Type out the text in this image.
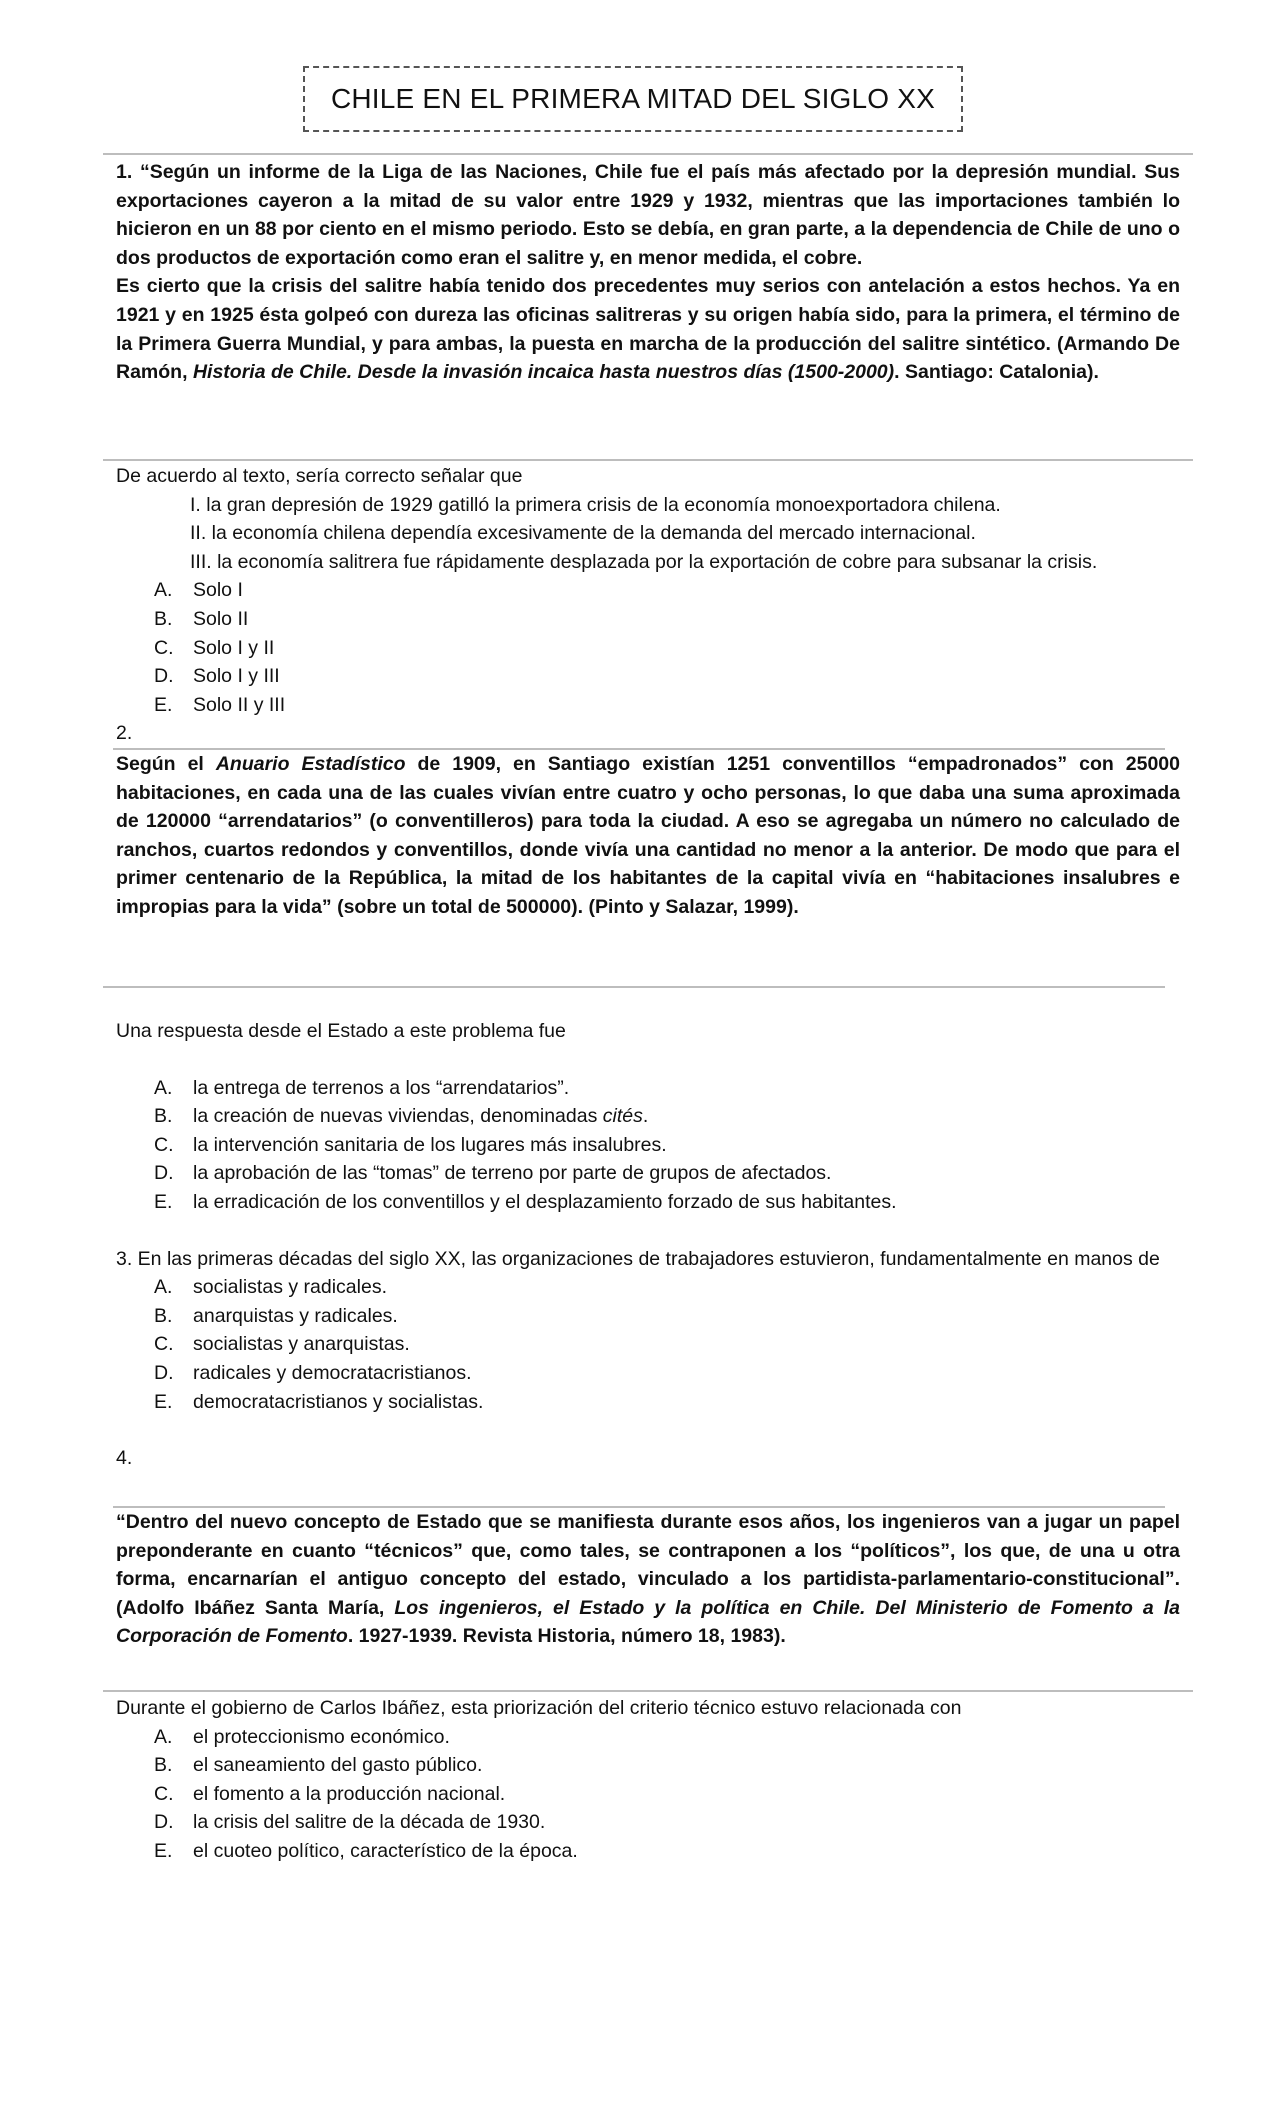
CHILE EN EL PRIMERA MITAD DEL SIGLO XX

1. “Según un informe de la Liga de las Naciones, Chile fue el país más afectado por la depresión mundial. Sus exportaciones cayeron a la mitad de su valor entre 1929 y 1932, mientras que las importaciones también lo hicieron en un 88 por ciento en el mismo periodo. Esto se debía, en gran parte, a la dependencia de Chile de uno o dos productos de exportación como eran el salitre y, en menor medida, el cobre.

Es cierto que la crisis del salitre había tenido dos precedentes muy serios con antelación a estos hechos. Ya en 1921 y en 1925 ésta golpeó con dureza las oficinas salitreras y su origen había sido, para la primera, el término de la Primera Guerra Mundial, y para ambas, la puesta en marcha de la producción del salitre sintético. (Armando De Ramón, Historia de Chile. Desde la invasión incaica hasta nuestros días (1500-2000). Santiago: Catalonia).

De acuerdo al texto, sería correcto señalar que

I. la gran depresión de 1929 gatilló la primera crisis de la economía monoexportadora chilena.

II. la economía chilena dependía excesivamente de la demanda del mercado internacional.

III. la economía salitrera fue rápidamente desplazada por la exportación de cobre para subsanar la crisis.

A. Solo I
B. Solo II
C. Solo I y II
D. Solo I y III
E. Solo II y III

2.

Según el Anuario Estadístico de 1909, en Santiago existían 1251 conventillos “empadronados” con 25000 habitaciones, en cada una de las cuales vivían entre cuatro y ocho personas, lo que daba una suma aproximada de 120000 “arrendatarios” (o conventilleros) para toda la ciudad. A eso se agregaba un número no calculado de ranchos, cuartos redondos y conventillos, donde vivía una cantidad no menor a la anterior. De modo que para el primer centenario de la República, la mitad de los habitantes de la capital vivía en “habitaciones insalubres e impropias para la vida” (sobre un total de 500000). (Pinto y Salazar, 1999).

Una respuesta desde el Estado a este problema fue

A. la entrega de terrenos a los “arrendatarios”.
B. la creación de nuevas viviendas, denominadas cités.
C. la intervención sanitaria de los lugares más insalubres.
D. la aprobación de las “tomas” de terreno por parte de grupos de afectados.
E. la erradicación de los conventillos y el desplazamiento forzado de sus habitantes.

3. En las primeras décadas del siglo XX, las organizaciones de trabajadores estuvieron, fundamentalmente en manos de

A. socialistas y radicales.
B. anarquistas y radicales.
C. socialistas y anarquistas.
D. radicales y democratacristianos.
E. democratacristianos y socialistas.

4.

“Dentro del nuevo concepto de Estado que se manifiesta durante esos años, los ingenieros van a jugar un papel preponderante en cuanto “técnicos” que, como tales, se contraponen a los “políticos”, los que, de una u otra forma, encarnarían el antiguo concepto del estado, vinculado a los partidista-parlamentario-constitucional”. (Adolfo Ibáñez Santa María, Los ingenieros, el Estado y la política en Chile. Del Ministerio de Fomento a la Corporación de Fomento. 1927-1939. Revista Historia, número 18, 1983).

Durante el gobierno de Carlos Ibáñez, esta priorización del criterio técnico estuvo relacionada con

A. el proteccionismo económico.
B. el saneamiento del gasto público.
C. el fomento a la producción nacional.
D. la crisis del salitre de la década de 1930.
E. el cuoteo político, característico de la época.
